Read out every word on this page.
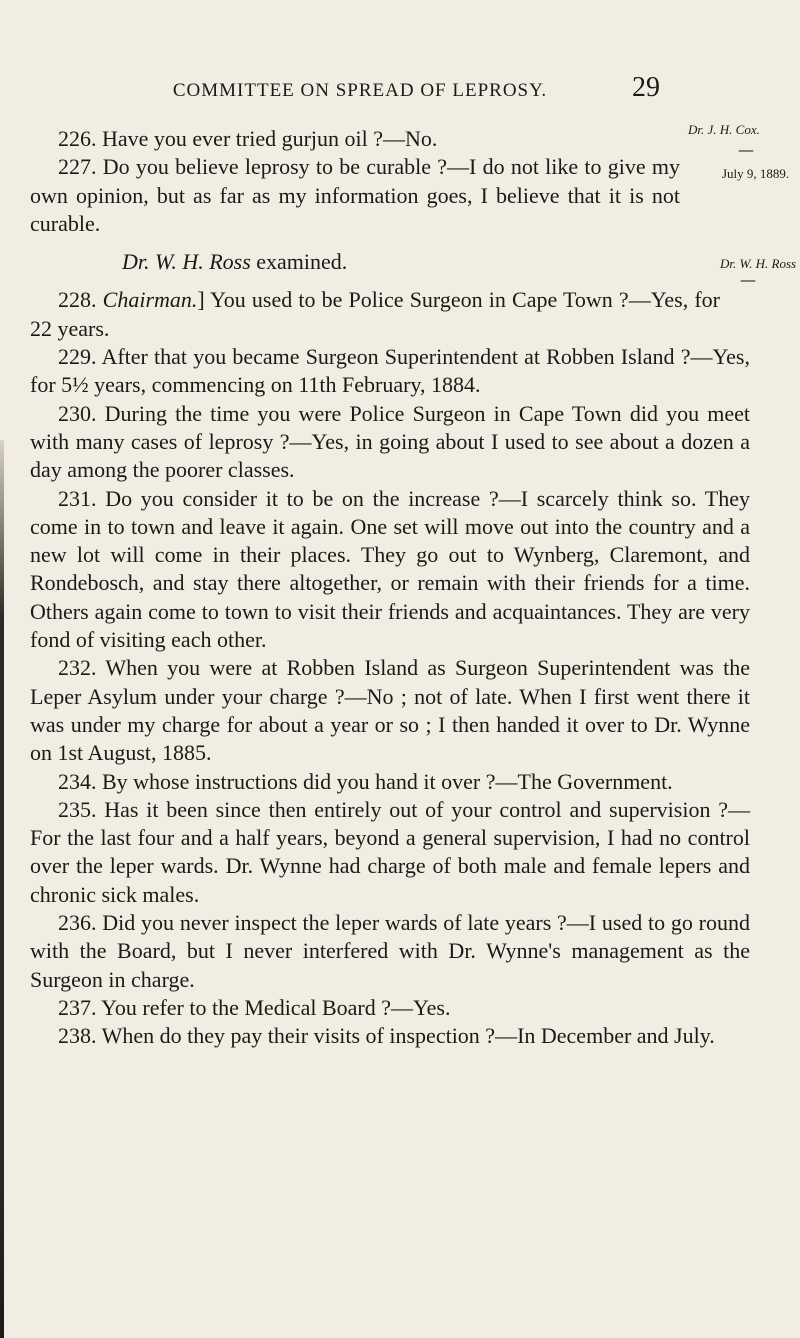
COMMITTEE ON SPREAD OF LEPROSY.	29
Dr. J. H. Cox.
—
July 9, 1889.
Dr. W. H. Ross
—

226. Have you ever tried gurjun oil ?—No.

227. Do you believe leprosy to be curable ?—I do not like to give my own opinion, but as far as my information goes, I believe that it is not curable.

Dr. W. H. Ross examined.

228. Chairman.] You used to be Police Surgeon in Cape Town ?—Yes, for 22 years.

229. After that you became Surgeon Superintendent at Robben Island ?—Yes, for 5½ years, commencing on 11th February, 1884.

230. During the time you were Police Surgeon in Cape Town did you meet with many cases of leprosy ?—Yes, in going about I used to see about a dozen a day among the poorer classes.

231. Do you consider it to be on the increase ?—I scarcely think so. They come in to town and leave it again. One set will move out into the country and a new lot will come in their places. They go out to Wynberg, Claremont, and Rondebosch, and stay there altogether, or remain with their friends for a time. Others again come to town to visit their friends and acquaintances. They are very fond of visiting each other.

232. When you were at Robben Island as Surgeon Superintendent was the Leper Asylum under your charge ?—No ; not of late. When I first went there it was under my charge for about a year or so ; I then handed it over to Dr. Wynne on 1st August, 1885.

234. By whose instructions did you hand it over ?—The Government.

235. Has it been since then entirely out of your control and supervision ?—For the last four and a half years, beyond a general supervision, I had no control over the leper wards. Dr. Wynne had charge of both male and female lepers and chronic sick males.

236. Did you never inspect the leper wards of late years ?—I used to go round with the Board, but I never interfered with Dr. Wynne's management as the Surgeon in charge.

237. You refer to the Medical Board ?—Yes.

238. When do they pay their visits of inspection ?—In December and July.
